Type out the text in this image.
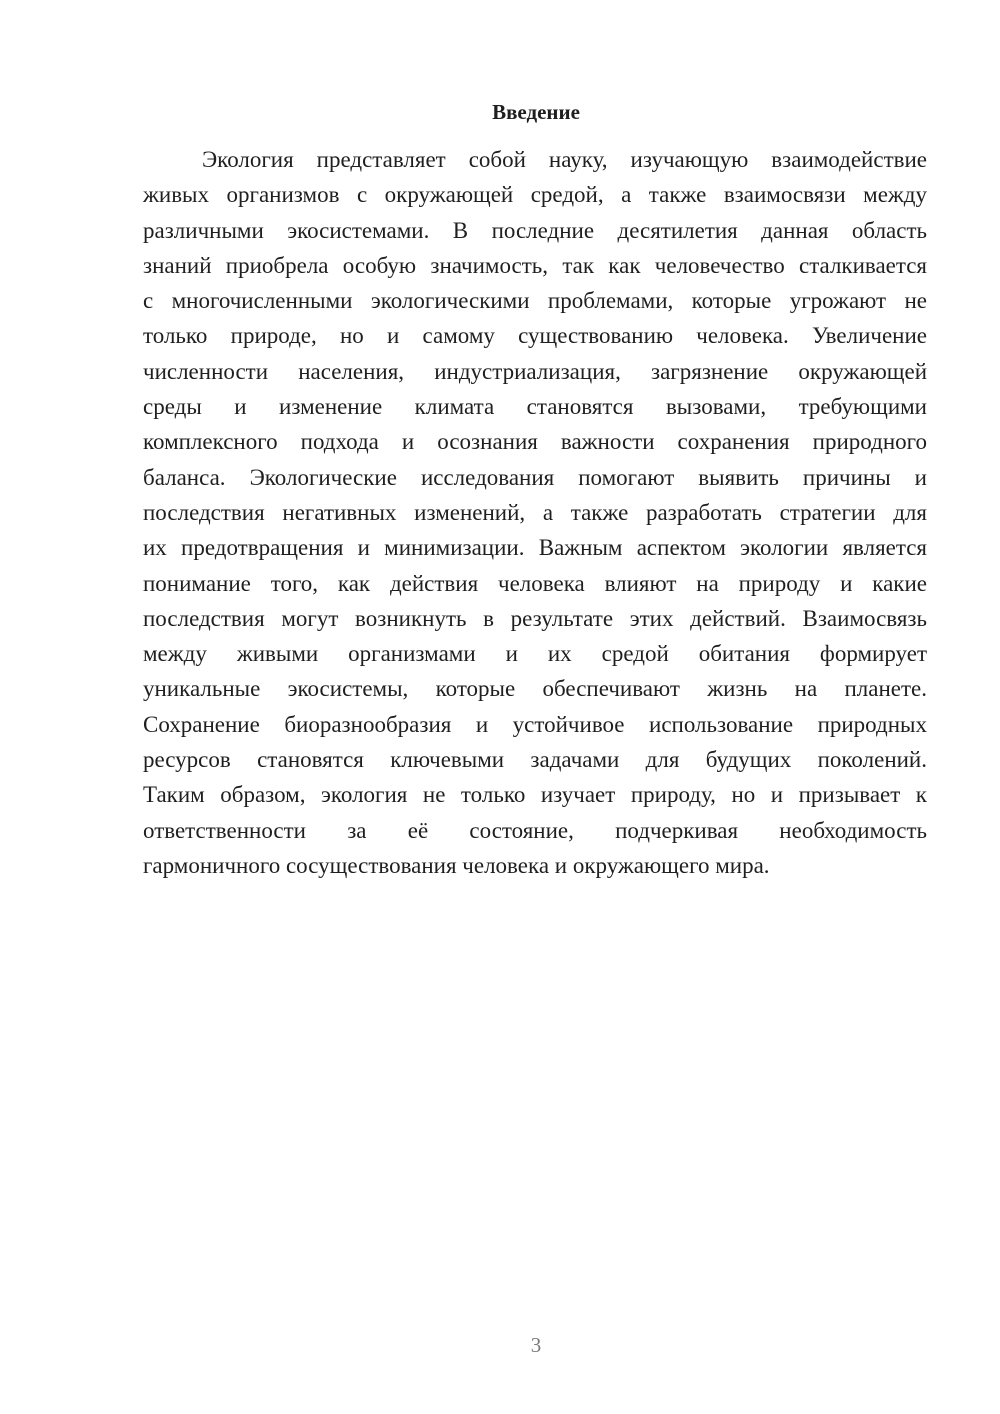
Введение
Экология представляет собой науку, изучающую взаимодействие
живых организмов с окружающей средой, а также взаимосвязи между
различными экосистемами. В последние десятилетия данная область
знаний приобрела особую значимость, так как человечество сталкивается
с многочисленными экологическими проблемами, которые угрожают не
только природе, но и самому существованию человека. Увеличение
численности населения, индустриализация, загрязнение окружающей
среды и изменение климата становятся вызовами, требующими
комплексного подхода и осознания важности сохранения природного
баланса. Экологические исследования помогают выявить причины и
последствия негативных изменений, а также разработать стратегии для
их предотвращения и минимизации. Важным аспектом экологии является
понимание того, как действия человека влияют на природу и какие
последствия могут возникнуть в результате этих действий. Взаимосвязь
между живыми организмами и их средой обитания формирует
уникальные экосистемы, которые обеспечивают жизнь на планете.
Сохранение биоразнообразия и устойчивое использование природных
ресурсов становятся ключевыми задачами для будущих поколений.
Таким образом, экология не только изучает природу, но и призывает к
ответственности за её состояние, подчеркивая необходимость
гармоничного сосуществования человека и окружающего мира.
3
